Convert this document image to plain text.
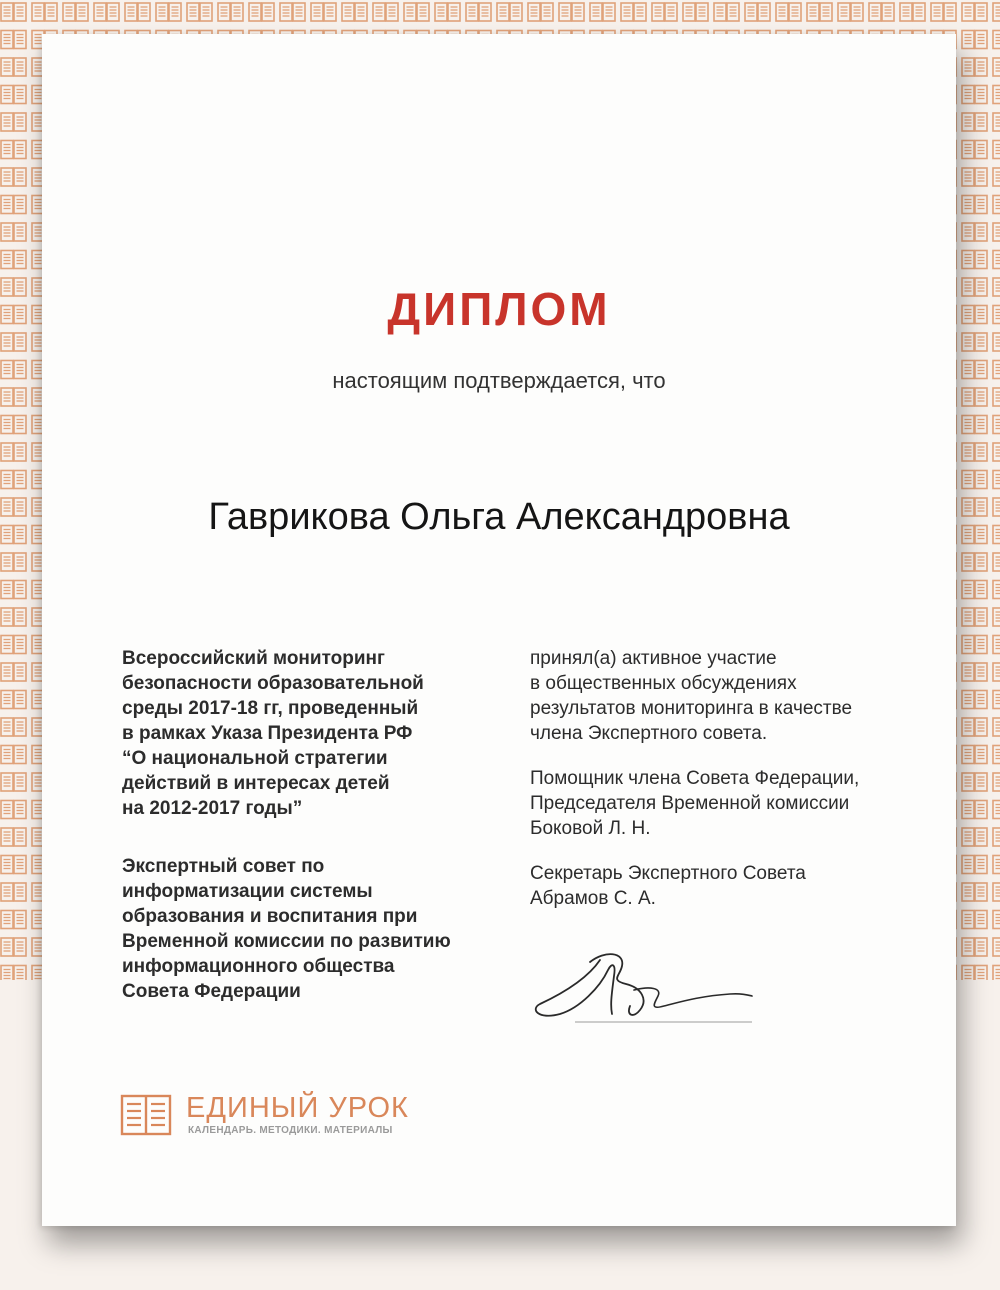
ДИПЛОМ
настоящим подтверждается, что
Гаврикова Ольга Александровна

Всероссийский мониторинг
безопасности образовательной
среды 2017-18 гг, проведенный
в рамках Указа Президента РФ
“О национальной стратегии
действий в интересах детей
на 2012-2017 годы”

Экспертный совет по
информатизации системы
образования и воспитания при
Временной комиссии по развитию
информационного общества
Совета Федерации

принял(а) активное участие
в общественных обсуждениях
результатов мониторинга в качестве
члена Экспертного совета.

Помощник члена Совета Федерации,
Председателя Временной комиссии
Боковой Л. Н.

Секретарь Экспертного Совета
Абрамов С. А.

ЕДИНЫЙ УРОК
КАЛЕНДАРЬ. МЕТОДИКИ. МАТЕРИАЛЫ
